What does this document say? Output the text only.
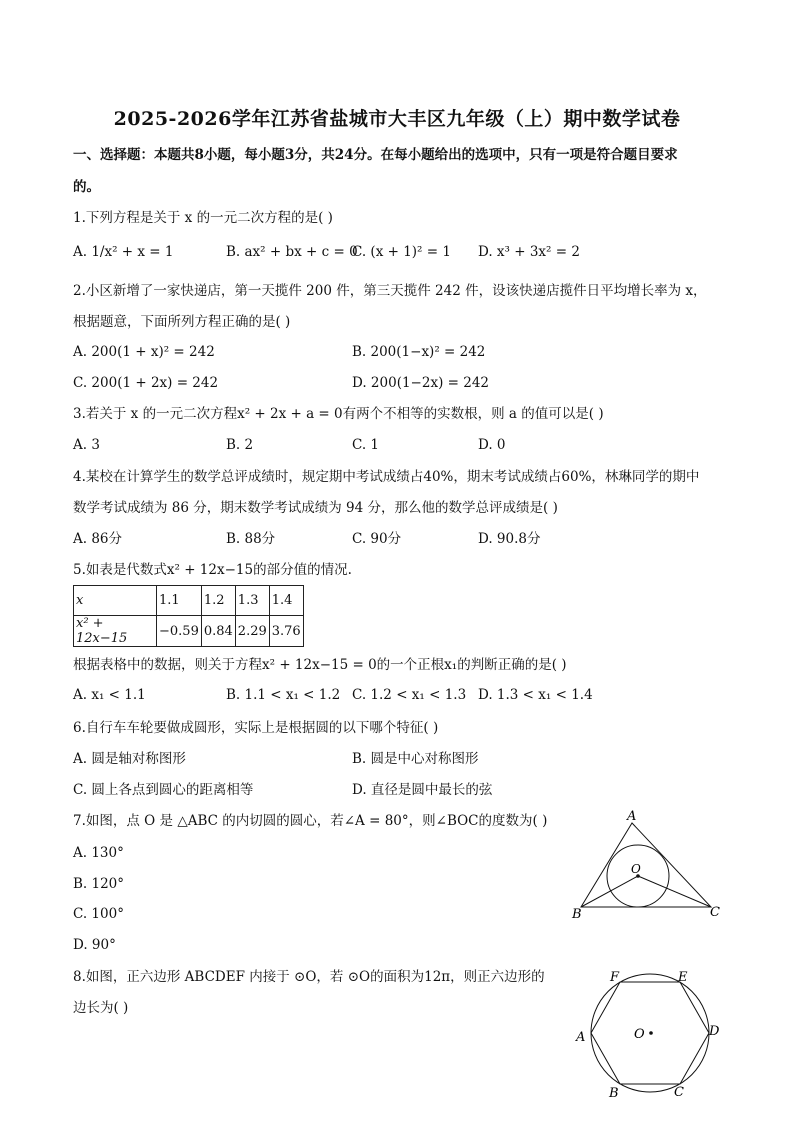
2025-2026学年江苏省盐城市大丰区九年级（上）期中数学试卷
一、选择题：本题共8小题，每小题3分，共24分。在每小题给出的选项中，只有一项是符合题目要求
的。
1.下列方程是关于 x 的一元二次方程的是( )
A. 1/x² + x = 1	B. ax² + bx + c = 0
C. (x + 1)² = 1 D. x³ + 3x² = 2
2.小区新增了一家快递店，第一天揽件 200 件，第三天揽件 242 件，设该快递店揽件日平均增长率为 x，
根据题意，下面所列方程正确的是( )
A. 200(1 + x)² = 242	B. 200(1−x)² = 242
C. 200(1 + 2x) = 242	D. 200(1−2x) = 242
3.若关于 x 的一元二次方程x² + 2x + a = 0有两个不相等的实数根，则 a 的值可以是( )
A. 3	B. 2	C. 1	D. 0
4.某校在计算学生的数学总评成绩时，规定期中考试成绩占40%，期末考试成绩占60%，林琳同学的期中
数学考试成绩为 86 分，期末数学考试成绩为 94 分，那么他的数学总评成绩是( )
A. 86分	B. 88分	C. 90分	D. 90.8分
5.如表是代数式x² + 12x−15的部分值的情况.
x	1.1	1.2	1.3	1.4
x² + 12x−15	−0.59	0.84	2.29	3.76
根据表格中的数据，则关于方程x² + 12x−15 = 0的一个正根x₁的判断正确的是( )
A. x₁ < 1.1	B. 1.1 < x₁ < 1.2 C. 1.2 < x₁ < 1.3 D. 1.3 < x₁ < 1.4
6.自行车车轮要做成圆形，实际上是根据圆的以下哪个特征( )
A. 圆是轴对称图形	B. 圆是中心对称图形
C. 圆上各点到圆心的距离相等	D. 直径是圆中最长的弦
7.如图，点 O 是 △ABC 的内切圆的圆心，若∠A = 80°，则∠BOC的度数为( )
A. 130°
B. 120°
C. 100°
D. 90°
A
B	C
O
8.如图，正六边形 ABCDEF 内接于 ⊙O，若 ⊙O的面积为12π，则正六边形的
边长为( )
F	E
D
A
B	C
O
